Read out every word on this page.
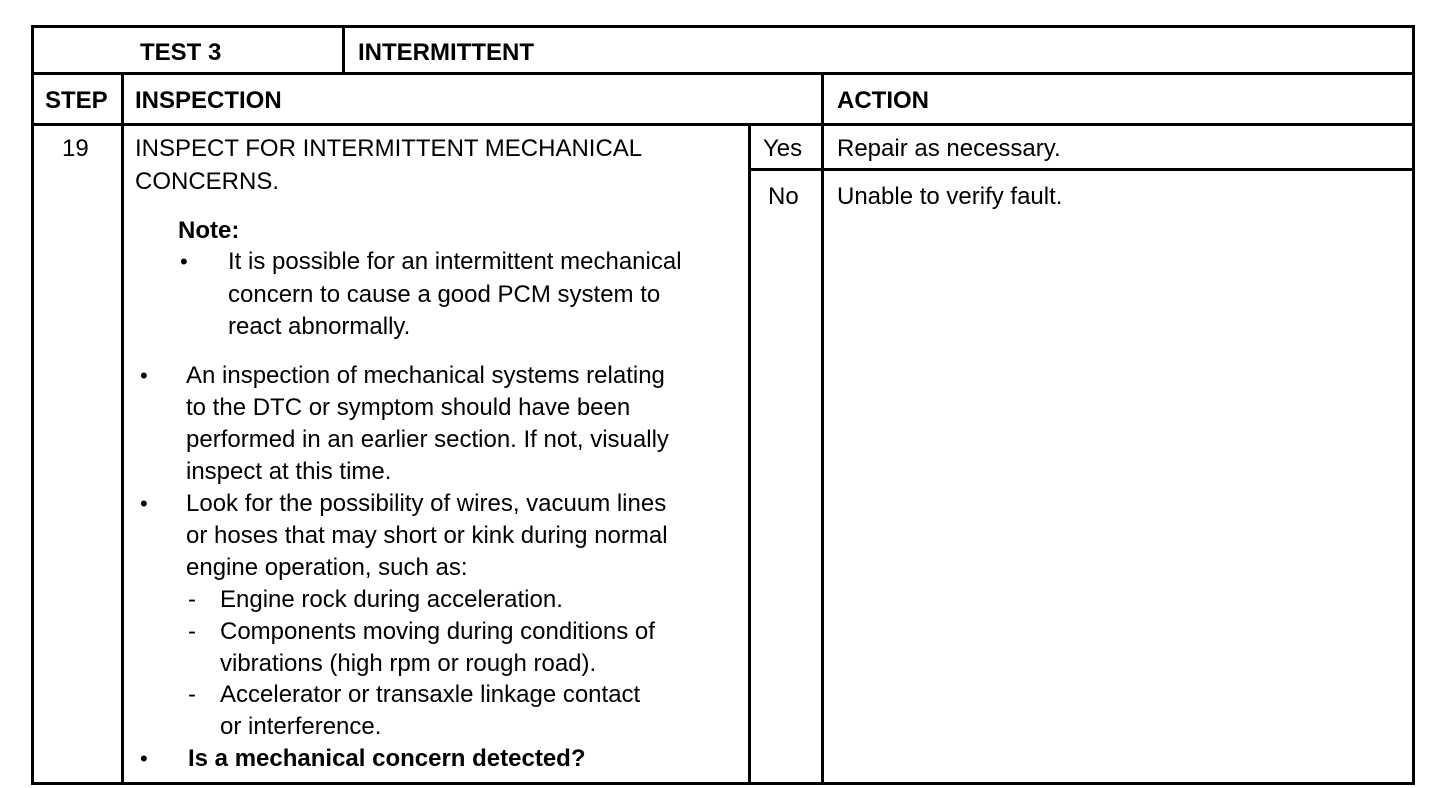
TEST 3	INTERMITTENT
STEP INSPECTION	ACTION
19 INSPECT FOR INTERMITTENT MECHANICAL
CONCERNS.
Note:
• It is possible for an intermittent mechanical
concern to cause a good PCM system to
react abnormally.
• An inspection of mechanical systems relating
to the DTC or symptom should have been
performed in an earlier section. If not, visually
inspect at this time.
• Look for the possibility of wires, vacuum lines
or hoses that may short or kink during normal
engine operation, such as:
- Engine rock during acceleration.
- Components moving during conditions of
vibrations (high rpm or rough road).
- Accelerator or transaxle linkage contact
or interference.
• Is a mechanical concern detected?
Yes Repair as necessary.
No Unable to verify fault.
